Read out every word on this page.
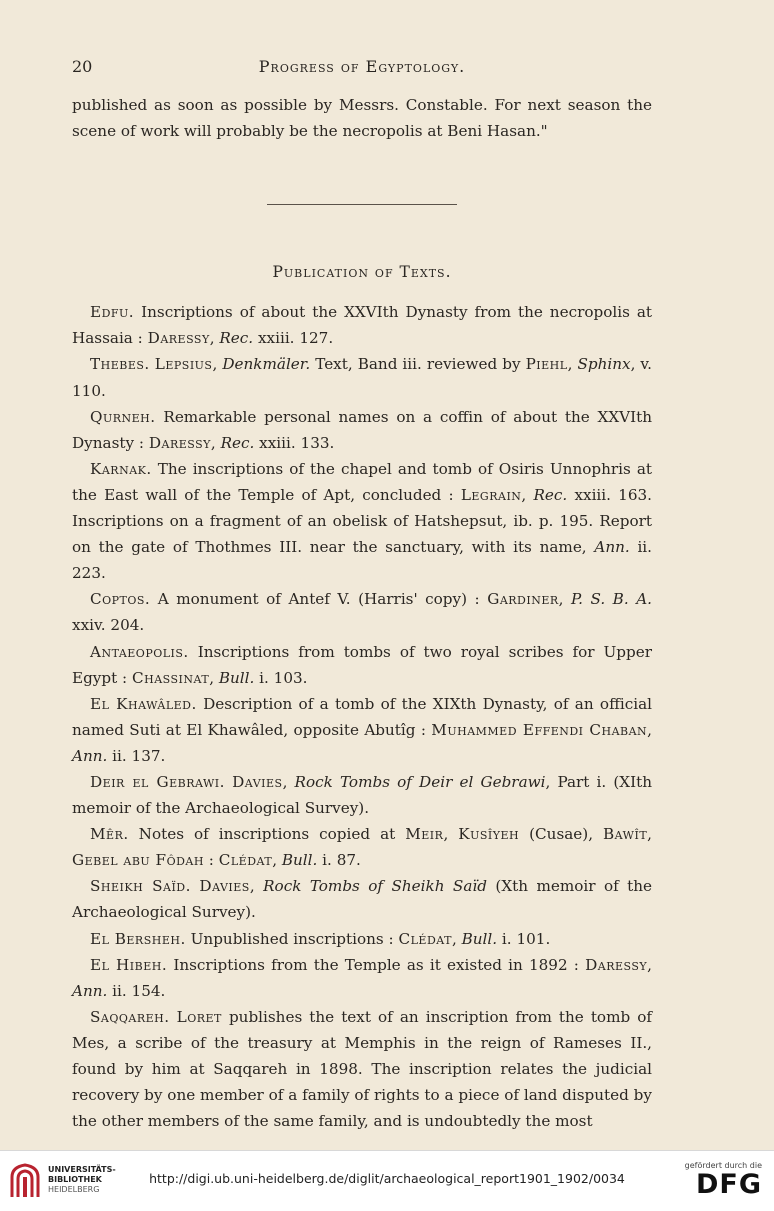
20	Progress of Egyptology.

published as soon as possible by Messrs. Constable. For next season the scene of work will probably be the necropolis at Beni Hasan."

Publication of Texts.

Edfu. Inscriptions of about the XXVIth Dynasty from the necropolis at Hassaia : Daressy, Rec. xxiii. 127.

Thebes. Lepsius, Denkmäler. Text, Band iii. reviewed by Piehl, Sphinx, v. 110.

Qurneh. Remarkable personal names on a coffin of about the XXVIth Dynasty : Daressy, Rec. xxiii. 133.

Karnak. The inscriptions of the chapel and tomb of Osiris Unnophris at the East wall of the Temple of Apt, concluded : Legrain, Rec. xxiii. 163. Inscriptions on a fragment of an obelisk of Hatshepsut, ib. p. 195. Report on the gate of Thothmes III. near the sanctuary, with its name, Ann. ii. 223.

Coptos. A monument of Antef V. (Harris' copy) : Gardiner, P. S. B. A. xxiv. 204.

Antaeopolis. Inscriptions from tombs of two royal scribes for Upper Egypt : Chassinat, Bull. i. 103.

El Khawâled. Description of a tomb of the XIXth Dynasty, of an official named Suti at El Khawâled, opposite Abutîg : Muhammed Effendi Chaban, Ann. ii. 137.

Deir el Gebrawi. Davies, Rock Tombs of Deir el Gebrawi, Part i. (XIth memoir of the Archaeological Survey).

Mêr. Notes of inscriptions copied at Meir, Kusîyeh (Cusae), Bawît, Gebel abu Fôdah : Clédat, Bull. i. 87.

Sheikh Saïd. Davies, Rock Tombs of Sheikh Saïd (Xth memoir of the Archaeological Survey).

El Bersheh. Unpublished inscriptions : Clédat, Bull. i. 101.

El Hibeh. Inscriptions from the Temple as it existed in 1892 : Daressy, Ann. ii. 154.

Saqqareh. Loret publishes the text of an inscription from the tomb of Mes, a scribe of the treasury at Memphis in the reign of Rameses II., found by him at Saqqareh in 1898. The inscription relates the judicial recovery by one member of a family of rights to a piece of land disputed by the other members of the same family, and is undoubtedly the most

UNIVERSITÄTS-
BIBLIOTHEK
HEIDELBERG
http://digi.ub.uni-heidelberg.de/diglit/archaeological_report1901_1902/0034
gefördert durch die
DFG
